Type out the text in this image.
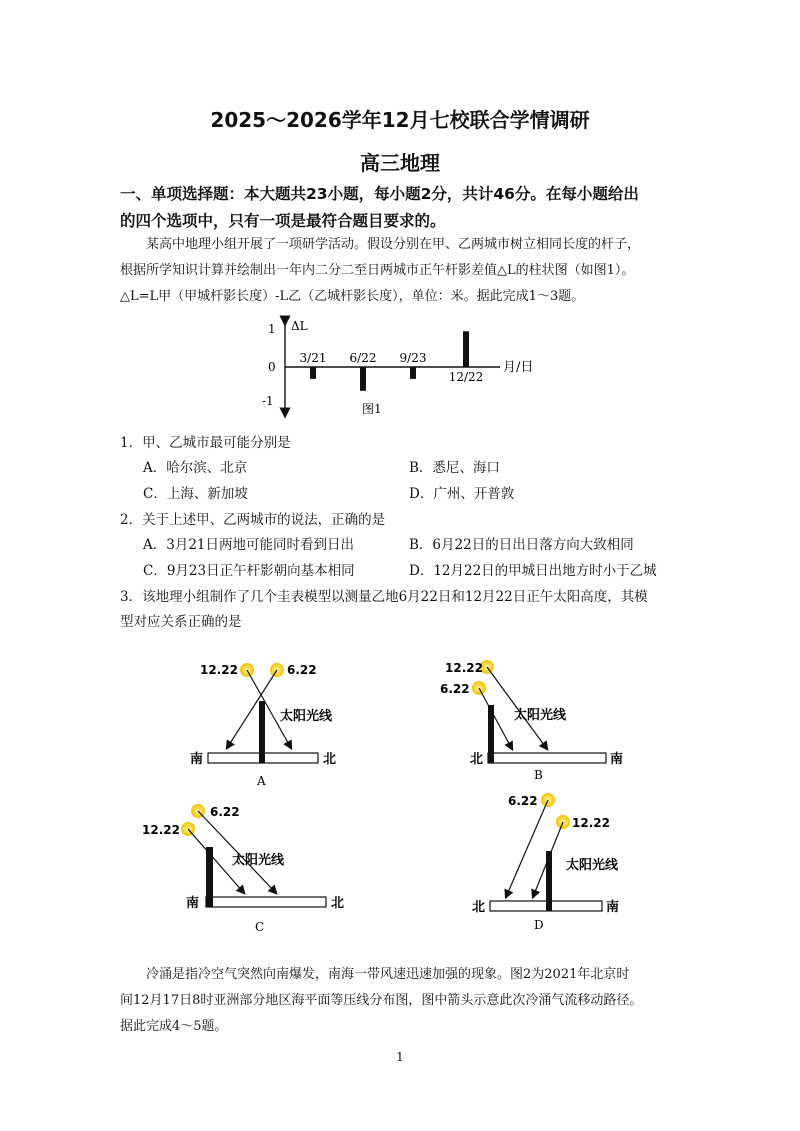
2025～2026学年12月七校联合学情调研
高三地理
一、单项选择题：本大题共23小题，每小题2分，共计46分。在每小题给出
的四个选项中，只有一项是最符合题目要求的。
某高中地理小组开展了一项研学活动。假设分别在甲、乙两城市树立相同长度的杆子，
根据所学知识计算并绘制出一年内二分二至日两城市正午杆影差值△L的柱状图（如图1）。
△L=L甲（甲城杆影长度）-L乙（乙城杆影长度），单位：米。据此完成1～3题。
ΔL
月/日
1
0
-1
3/21 6/22 9/23
12/22
图1
1．甲、乙城市最可能分别是
A．哈尔滨、北京	B．悉尼、海口
C．上海、新加坡	D．广州、开普敦
2．关于上述甲、乙两城市的说法，正确的是
A．3月21日两地可能同时看到日出	B．6月22日的日出日落方向大致相同
C．9月23日正午杆影朝向基本相同	D．12月22日的甲城日出地方时小于乙城
3．该地理小组制作了几个圭表模型以测量乙地6月22日和12月22日正午太阳高度，其模
型对应关系正确的是
12.22	6.22
太阳光线
南	北
A
12.22
6.22
太阳光线
北	南
B
6.22
12.22
太阳光线
南	北
C
6.22
12.22
太阳光线
北	南
D
冷涌是指冷空气突然向南爆发，南海一带风速迅速加强的现象。图2为2021年北京时
间12月17日8时亚洲部分地区海平面等压线分布图，图中箭头示意此次冷涌气流移动路径。
据此完成4～5题。
1
